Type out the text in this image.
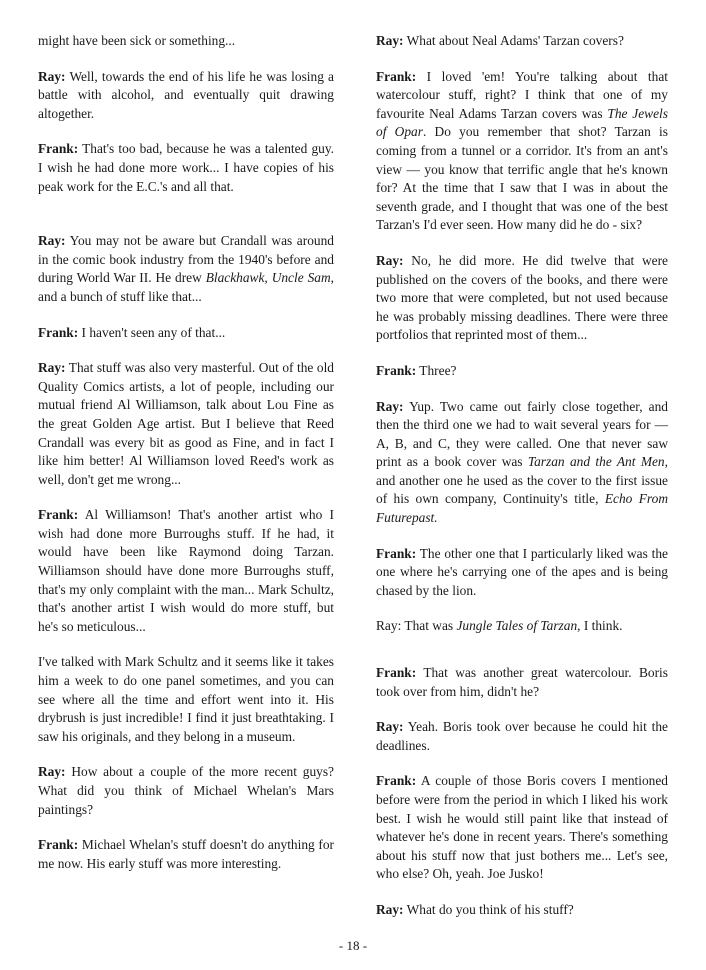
might have been sick or something...

Ray: Well, towards the end of his life he was losing a battle with alcohol, and eventually quit drawing altogether.

Frank: That's too bad, because he was a talented guy. I wish he had done more work... I have copies of his peak work for the E.C.'s and all that.

Ray: You may not be aware but Crandall was around in the comic book industry from the 1940's before and during World War II. He drew Blackhawk, Uncle Sam, and a bunch of stuff like that...

Frank: I haven't seen any of that...

Ray: That stuff was also very masterful. Out of the old Quality Comics artists, a lot of people, including our mutual friend Al Williamson, talk about Lou Fine as the great Golden Age artist. But I believe that Reed Crandall was every bit as good as Fine, and in fact I like him better! Al Williamson loved Reed's work as well, don't get me wrong...

Frank: Al Williamson! That's another artist who I wish had done more Burroughs stuff. If he had, it would have been like Raymond doing Tarzan. Williamson should have done more Burroughs stuff, that's my only complaint with the man... Mark Schultz, that's another artist I wish would do more stuff, but he's so meticulous...

I've talked with Mark Schultz and it seems like it takes him a week to do one panel sometimes, and you can see where all the time and effort went into it. His drybrush is just incredible! I find it just breathtaking. I saw his originals, and they belong in a museum.

Ray: How about a couple of the more recent guys? What did you think of Michael Whelan's Mars paintings?

Frank: Michael Whelan's stuff doesn't do anything for me now. His early stuff was more interesting.

Ray: What about Neal Adams' Tarzan covers?

Frank: I loved 'em! You're talking about that watercolour stuff, right? I think that one of my favourite Neal Adams Tarzan covers was The Jewels of Opar. Do you remember that shot? Tarzan is coming from a tunnel or a corridor. It's from an ant's view — you know that terrific angle that he's known for? At the time that I saw that I was in about the seventh grade, and I thought that was one of the best Tarzan's I'd ever seen. How many did he do - six?

Ray: No, he did more. He did twelve that were published on the covers of the books, and there were two more that were completed, but not used because he was probably missing deadlines. There were three portfolios that reprinted most of them...

Frank: Three?

Ray: Yup. Two came out fairly close together, and then the third one we had to wait several years for — A, B, and C, they were called. One that never saw print as a book cover was Tarzan and the Ant Men, and another one he used as the cover to the first issue of his own company, Continuity's title, Echo From Futurepast.

Frank: The other one that I particularly liked was the one where he's carrying one of the apes and is being chased by the lion.

Ray: That was Jungle Tales of Tarzan, I think.

Frank: That was another great watercolour. Boris took over from him, didn't he?

Ray: Yeah. Boris took over because he could hit the deadlines.

Frank: A couple of those Boris covers I mentioned before were from the period in which I liked his work best. I wish he would still paint like that instead of whatever he's done in recent years. There's something about his stuff now that just bothers me... Let's see, who else? Oh, yeah. Joe Jusko!

Ray: What do you think of his stuff?

- 18 -
